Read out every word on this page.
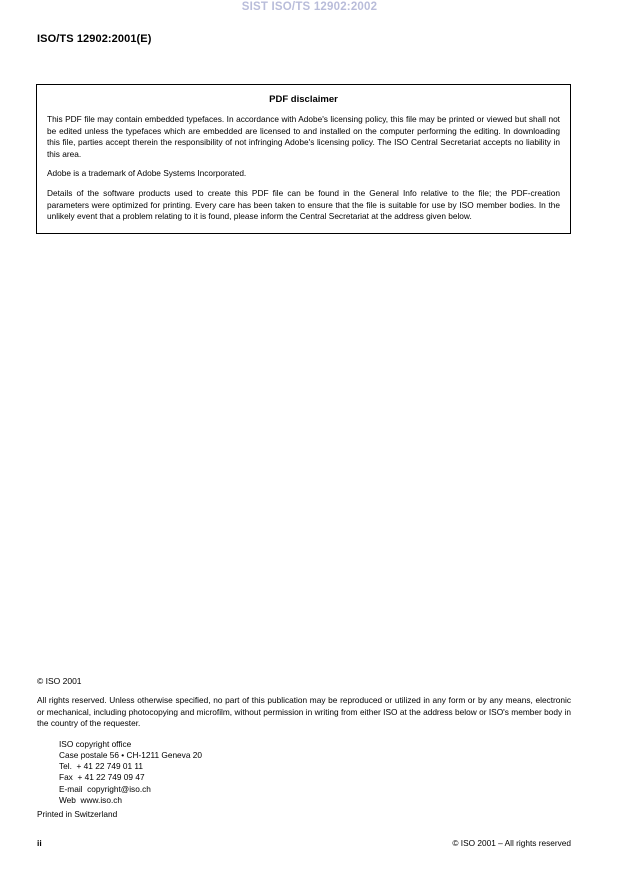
SIST ISO/TS 12902:2002
ISO/TS 12902:2001(E)
PDF disclaimer

This PDF file may contain embedded typefaces. In accordance with Adobe's licensing policy, this file may be printed or viewed but shall not be edited unless the typefaces which are embedded are licensed to and installed on the computer performing the editing. In downloading this file, parties accept therein the responsibility of not infringing Adobe's licensing policy. The ISO Central Secretariat accepts no liability in this area.

Adobe is a trademark of Adobe Systems Incorporated.

Details of the software products used to create this PDF file can be found in the General Info relative to the file; the PDF-creation parameters were optimized for printing. Every care has been taken to ensure that the file is suitable for use by ISO member bodies. In the unlikely event that a problem relating to it is found, please inform the Central Secretariat at the address given below.

© ISO 2001

All rights reserved. Unless otherwise specified, no part of this publication may be reproduced or utilized in any form or by any means, electronic or mechanical, including photocopying and microfilm, without permission in writing from either ISO at the address below or ISO's member body in the country of the requester.

ISO copyright office
Case postale 56 • CH-1211 Geneva 20
Tel.  + 41 22 749 01 11
Fax  + 41 22 749 09 47
E-mail  copyright@iso.ch
Web  www.iso.ch

Printed in Switzerland

ii	© ISO 2001 – All rights reserved
